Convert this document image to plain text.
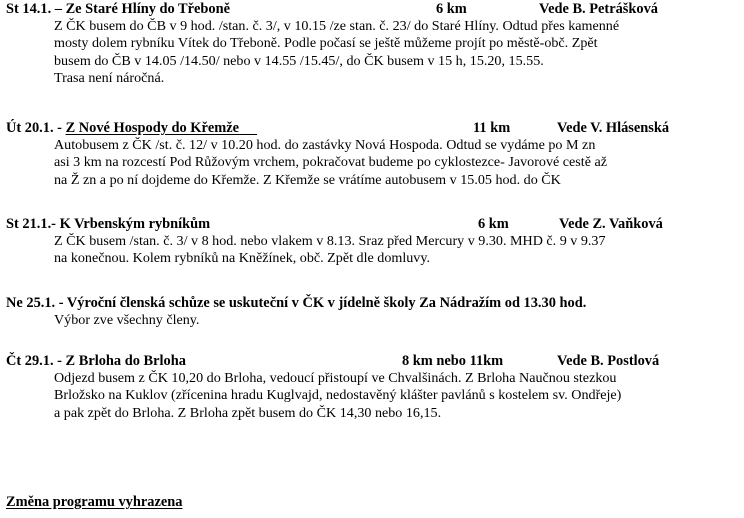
St 14.1. – Ze Staré Hlíny do Třeboně	6 km	Vede B. Petrášková
Z ČK busem do ČB v 9 hod. /stan. č. 3/, v 10.15 /ze stan. č. 23/ do Staré Hlíny. Odtud přes kamenné
mosty dolem rybníku Vítek do Třeboně. Podle počasí se ještě můžeme projít po městě-obč. Zpět
busem do ČB v 14.05 /14.50/ nebo v 14.55 /15.45/, do ČK busem v 15 h, 15.20, 15.55.
Trasa není náročná.
Út 20.1. - Z Nové Hospody do Křemže	11 km	Vede V. Hlásenská
Autobusem z ČK /st. č. 12/ v 10.20 hod. do zastávky Nová Hospoda. Odtud se vydáme po M zn
asi 3 km na rozcestí Pod Růžovým vrchem, pokračovat budeme po cyklostezce- Javorové cestě až
na Ž zn a po ní dojdeme do Křemže. Z Křemže se vrátíme autobusem v 15.05 hod. do ČK
St 21.1.- K Vrbenským rybníkům	6 km	Vede Z. Vaňková
Z ČK busem /stan. č. 3/ v 8 hod. nebo vlakem v 8.13. Sraz před Mercury v 9.30. MHD č. 9 v 9.37
na konečnou. Kolem rybníků na Kněžínek, obč. Zpět dle domluvy.
Ne 25.1. - Výroční členská schůze se uskuteční v ČK v jídelně školy Za Nádražím od 13.30 hod.
Výbor zve všechny členy.
Čt 29.1. - Z Brloha do Brloha	8 km nebo 11km	Vede B. Postlová
Odjezd busem z ČK 10,20 do Brloha, vedoucí přistoupí ve Chvalšinách. Z Brloha Naučnou stezkou
Brložsko na Kuklov (zřícenina hradu Kuglvajd, nedostavěný klášter pavlánů s kostelem sv. Ondřeje)
a pak zpět do Brloha. Z Brloha zpět busem do ČK 14,30 nebo 16,15.
Změna programu vyhrazena
